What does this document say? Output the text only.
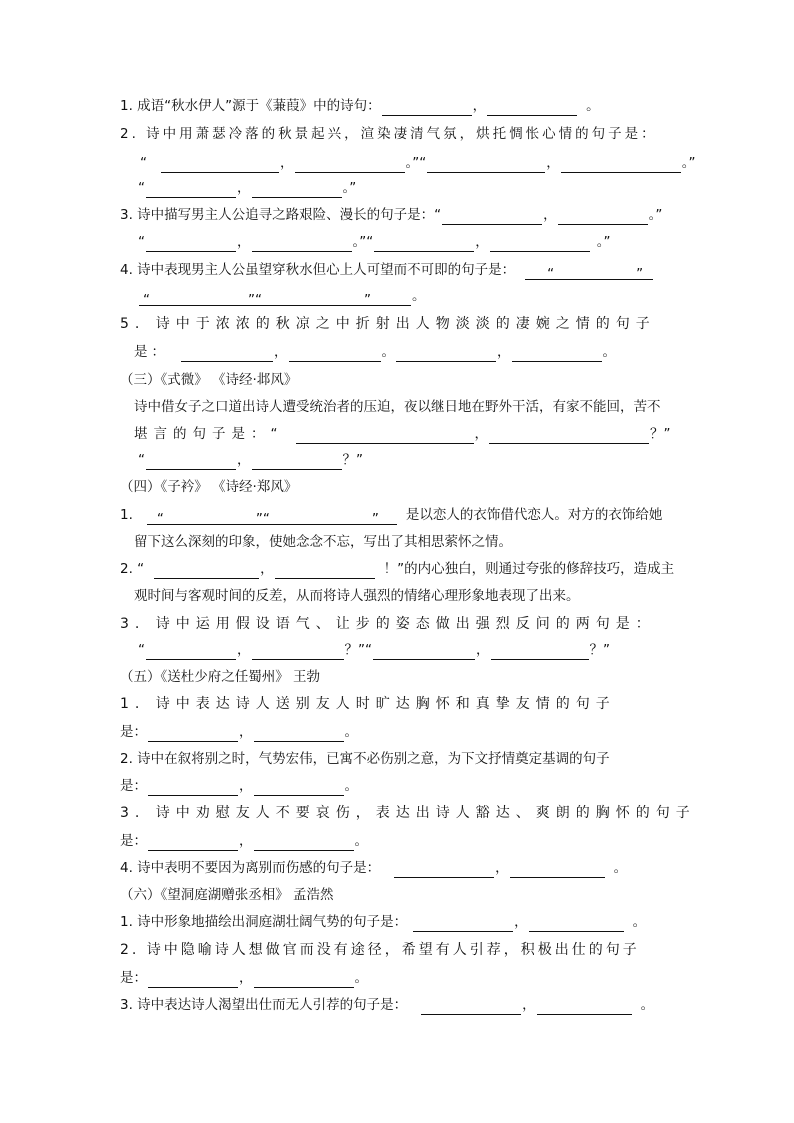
1. 成语“秋水伊人”源于《蒹葭》中的诗句：	，	。
2. 诗中用萧瑟冷落的秋景起兴，渲染凄清气氛，烘托惆怅心情的句子是：
“	，	。”“	，	。”
“	，	。”
3. 诗中描写男主人公追寻之路艰险、漫长的句子是：“	，	。”
“	，	。”“	，	。”
4. 诗中表现男主人公虽望穿秋水但心上人可望而不可即的句子是： “	”
“	”“	”	。
5. 诗中于浓浓的秋凉之中折射出人物淡淡的凄婉之情的句子
是：	，	。	，	。
（三）《式微》 《诗经·邶风》
诗中借女子之口道出诗人遭受统治者的压迫，夜以继日地在野外干活，有家不能回，苦不
堪言的句子是：“	，	？”
“	，	？”
（四）《子衿》 《诗经·郑风》
1. “	”“	” 是以恋人的衣饰借代恋人。对方的衣饰给她
留下这么深刻的印象，使她念念不忘，写出了其相思萦怀之情。
2. “	，	！”的内心独白，则通过夸张的修辞技巧，造成主
观时间与客观时间的反差，从而将诗人强烈的情绪心理形象地表现了出来。
3. 诗中运用假设语气、让步的姿态做出强烈反问的两句是：
“	，	？”“	，	？”
（五）《送杜少府之任蜀州》 王勃
1. 诗中表达诗人送别友人时旷达胸怀和真挚友情的句子
是：	，	。
2. 诗中在叙将别之时，气势宏伟，已寓不必伤别之意，为下文抒情奠定基调的句子
是：	，	。
3. 诗中劝慰友人不要哀伤，表达出诗人豁达、爽朗的胸怀的句子
是：	，	。
4. 诗中表明不要因为离别而伤感的句子是：	，	。
（六）《望洞庭湖赠张丞相》 孟浩然
1. 诗中形象地描绘出洞庭湖壮阔气势的句子是：	，	。
2. 诗中隐喻诗人想做官而没有途径，希望有人引荐，积极出仕的句子
是：	，	。
3. 诗中表达诗人渴望出仕而无人引荐的句子是：	，	。
